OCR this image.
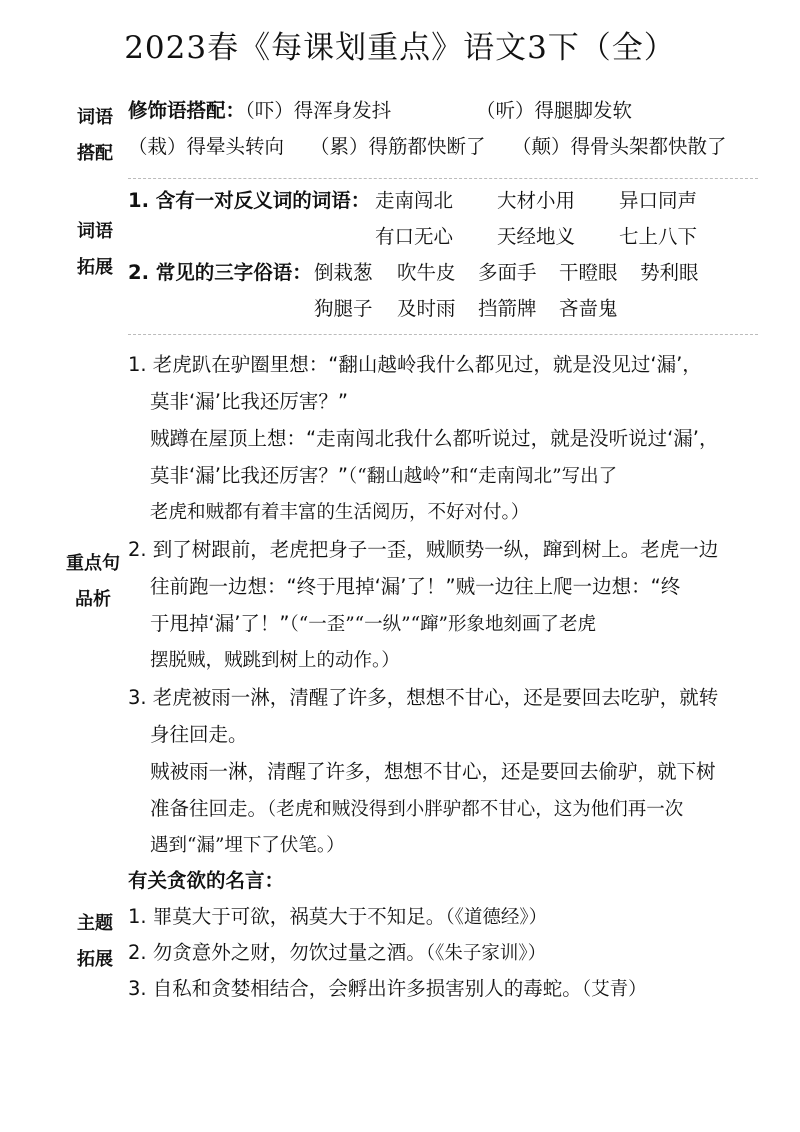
2023春《每课划重点》语文3下（全）
词语
搭配
修饰语搭配：（吓）得浑身发抖	（听）得腿脚发软
（栽）得晕头转向 （累）得筋都快断了 （颠）得骨头架都快散了
词语
拓展
1. 含有一对反义词的词语： 走南闯北 大材小用 异口同声
有口无心 天经地义 七上八下
2. 常见的三字俗语： 倒栽葱 吹牛皮 多面手 干瞪眼 势利眼
狗腿子 及时雨 挡箭牌 吝啬鬼
重点句
品析
1. 老虎趴在驴圈里想：“翻山越岭我什么都见过，就是没见过‘漏’，
莫非‘漏’比我还厉害？”
贼蹲在屋顶上想：“走南闯北我什么都听说过，就是没听说过‘漏’，
莫非‘漏’比我还厉害？”（“翻山越岭”和“走南闯北”写出了
老虎和贼都有着丰富的生活阅历，不好对付。）
2. 到了树跟前，老虎把身子一歪，贼顺势一纵，蹿到树上。老虎一边
往前跑一边想：“终于甩掉‘漏’了！”贼一边往上爬一边想：“终
于甩掉‘漏’了！”（“一歪”“一纵”“蹿”形象地刻画了老虎
摆脱贼，贼跳到树上的动作。）
3. 老虎被雨一淋，清醒了许多，想想不甘心，还是要回去吃驴，就转
身往回走。
贼被雨一淋，清醒了许多，想想不甘心，还是要回去偷驴，就下树
准备往回走。（老虎和贼没得到小胖驴都不甘心，这为他们再一次
遇到“漏”埋下了伏笔。）
主题
拓展
有关贪欲的名言：
1. 罪莫大于可欲，祸莫大于不知足。（《道德经》）
2. 勿贪意外之财，勿饮过量之酒。（《朱子家训》）
3. 自私和贪婪相结合，会孵出许多损害别人的毒蛇。（艾青）
